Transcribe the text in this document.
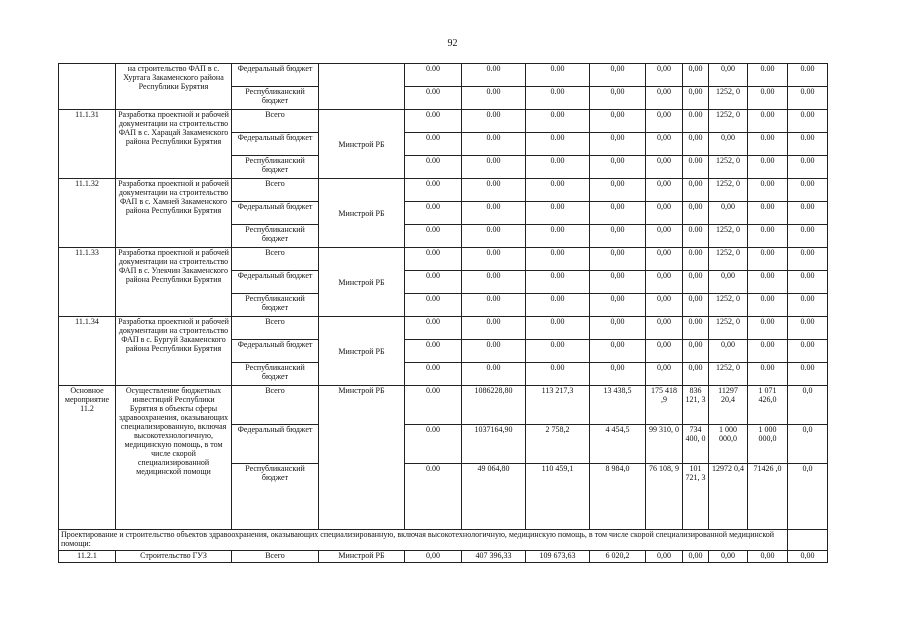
92
	на строительство ФАП в с. Хуртага Закаменского района Республики Бурятия	Федеральный бюджет		0.00	0.00	0.00	0,00	0,00	0,00	0,00	0.00	0.00
		Республиканский бюджет		0.00	0.00	0.00	0,00	0,00	0,00	1252, 0	0.00	0.00
11.1.31	Разработка проектной и рабочей документации на строительство ФАП в с. Харацай Закаменского района Республики Бурятия	Всего	Минстрой РБ	0.00	0.00	0.00	0,00	0,00	0.00	1252, 0	0.00	0.00
		Федеральный бюджет		0.00	0.00	0.00	0,00	0,00	0,00	0,00	0.00	0.00
		Республиканский бюджет		0.00	0.00	0.00	0,00	0,00	0.00	1252, 0	0.00	0.00
11.1.32	Разработка проектной и рабочей документации на строительство ФАП в с. Хамней Закаменского района Республики Бурятия	Всего	Минстрой РБ	0.00	0.00	0.00	0,00	0,00	0,00	1252, 0	0.00	0.00
		Федеральный бюджет		0.00	0.00	0.00	0,00	0,00	0,00	0,00	0.00	0.00
		Республиканский бюджет		0.00	0.00	0.00	0,00	0,00	0.00	1252, 0	0.00	0.00
11.1.33	Разработка проектной и рабочей документации на строительство ФАП в с. Улекчин Закаменского района Республики Бурятия	Всего	Минстрой РБ	0.00	0.00	0.00	0,00	0,00	0.00	1252, 0	0.00	0.00
		Федеральный бюджет		0.00	0.00	0.00	0,00	0,00	0,00	0,00	0.00	0.00
		Республиканский бюджет		0.00	0.00	0.00	0,00	0,00	0,00	1252, 0	0.00	0.00
11.1.34	Разработка проектной и рабочей документации на строительство ФАП в с. Бургуй Закаменского района Республики Бурятия	Всего	Минстрой РБ	0.00	0.00	0.00	0,00	0,00	0.00	1252, 0	0.00	0.00
		Федеральный бюджет		0.00	0.00	0.00	0,00	0,00	0,00	0,00	0.00	0.00
		Республиканский бюджет		0.00	0.00	0.00	0,00	0,00	0,00	1252, 0	0.00	0.00
Основное мероприятие 11.2	Осуществление бюджетных инвестиций Республики Бурятия в объекты сферы здравоохранения, оказывающих специализированную, включая высокотехнологичную, медицинскую помощь, в том числе скорой специализированной медицинской помощи	Всего	Минстрой РБ	0.00	1086228,80	113 217,3	13 438,5	175 418 ,9	836 121, 3	11297 20,4	1 071 426,0	0,0
		Федеральный бюджет		0.00	1037164,90	2 758,2	4 454,5	99 310, 0	734 400, 0	1 000 000,0	1 000 000,0	0,0
		Республиканский бюджет		0.00	49 064,80	110 459,1	8 984,0	76 108, 9	101 721, 3	12972 0,4	71426 ,0	0,0
Проектирование и строительство объектов здравоохранения, оказывающих специализированную, включая высокотехнологичную, медицинскую помощь, в том числе скорой специализированной медицинской помощи:												
11.2.1	Строительство ГУЗ	Всего	Минстрой РБ	0,00	407 396,33	109 673,63	6 020,2	0,00	0,00	0,00	0,00	0,00
